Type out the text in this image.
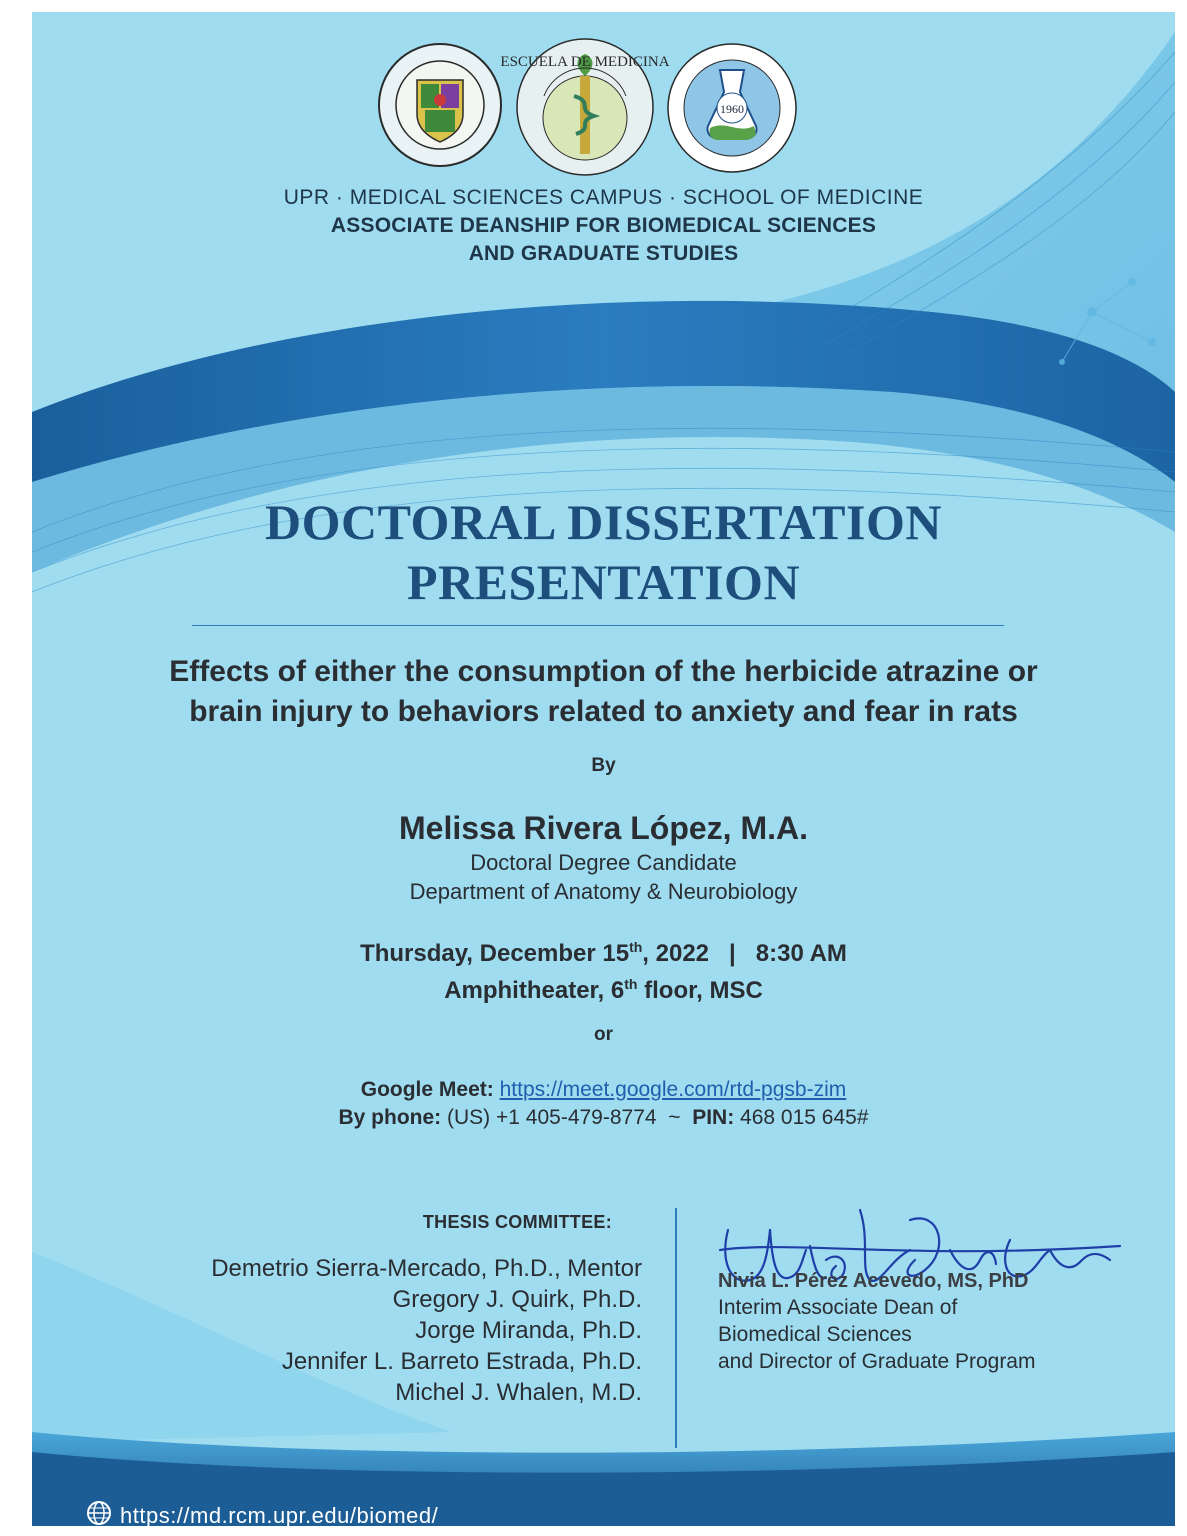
ESCUELA DE MEDICINA
1960
UPR · MEDICAL SCIENCES CAMPUS · SCHOOL OF MEDICINE
ASSOCIATE DEANSHIP FOR BIOMEDICAL SCIENCES
AND GRADUATE STUDIES
DOCTORAL DISSERTATION
PRESENTATION
Effects of either the consumption of the herbicide atrazine or
brain injury to behaviors related to anxiety and fear in rats
By
Melissa Rivera López, M.A.
Doctoral Degree Candidate
Department of Anatomy & Neurobiology
Thursday, December 15th, 2022 | 8:30 AM
Amphitheater, 6th floor, MSC
or
Google Meet: https://meet.google.com/rtd-pgsb-zim
By phone: (US) +1 405-479-8774 ~ PIN: 468 015 645#
THESIS COMMITTEE:
Demetrio Sierra-Mercado, Ph.D., Mentor
Gregory J. Quirk, Ph.D.
Jorge Miranda, Ph.D.
Jennifer L. Barreto Estrada, Ph.D.
Michel J. Whalen, M.D.
Nivia L. Pérez Acevedo, MS, PhD
Interim Associate Dean of
Biomedical Sciences
and Director of Graduate Program
https://md.rcm.upr.edu/biomed/
